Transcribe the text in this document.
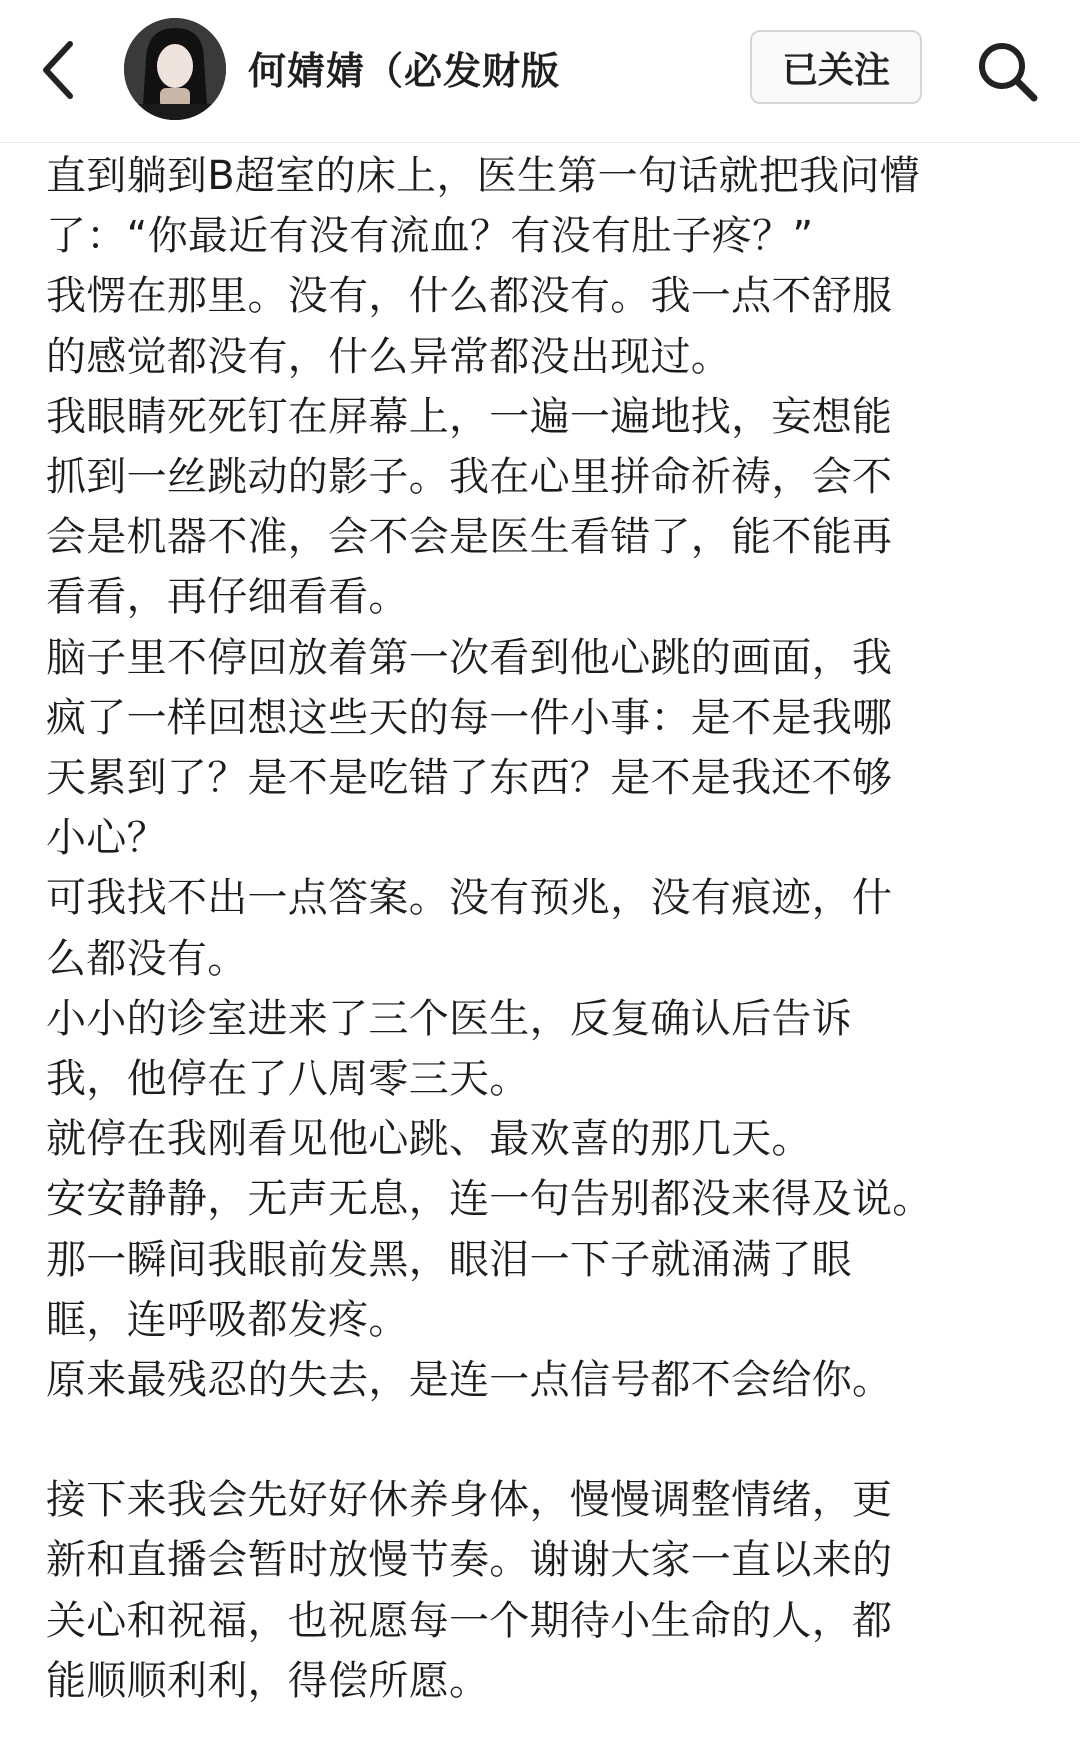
何婧婧（必发财版	已关注

直到躺到B超室的床上，医生第一句话就把我问懵

了：“你最近有没有流血？有没有肚子疼？”

我愣在那里。没有，什么都没有。我一点不舒服

的感觉都没有，什么异常都没出现过。

我眼睛死死钉在屏幕上，一遍一遍地找，妄想能

抓到一丝跳动的影子。我在心里拼命祈祷，会不

会是机器不准，会不会是医生看错了，能不能再

看看，再仔细看看。

脑子里不停回放着第一次看到他心跳的画面，我

疯了一样回想这些天的每一件小事：是不是我哪

天累到了？是不是吃错了东西？是不是我还不够

小心？

可我找不出一点答案。没有预兆，没有痕迹，什

么都没有。

小小的诊室进来了三个医生，反复确认后告诉

我，他停在了八周零三天。

就停在我刚看见他心跳、最欢喜的那几天。

安安静静，无声无息，连一句告别都没来得及说。

那一瞬间我眼前发黑，眼泪一下子就涌满了眼

眶，连呼吸都发疼。

原来最残忍的失去，是连一点信号都不会给你。

接下来我会先好好休养身体，慢慢调整情绪，更

新和直播会暂时放慢节奏。谢谢大家一直以来的

关心和祝福，也祝愿每一个期待小生命的人，都

能顺顺利利，得偿所愿。
